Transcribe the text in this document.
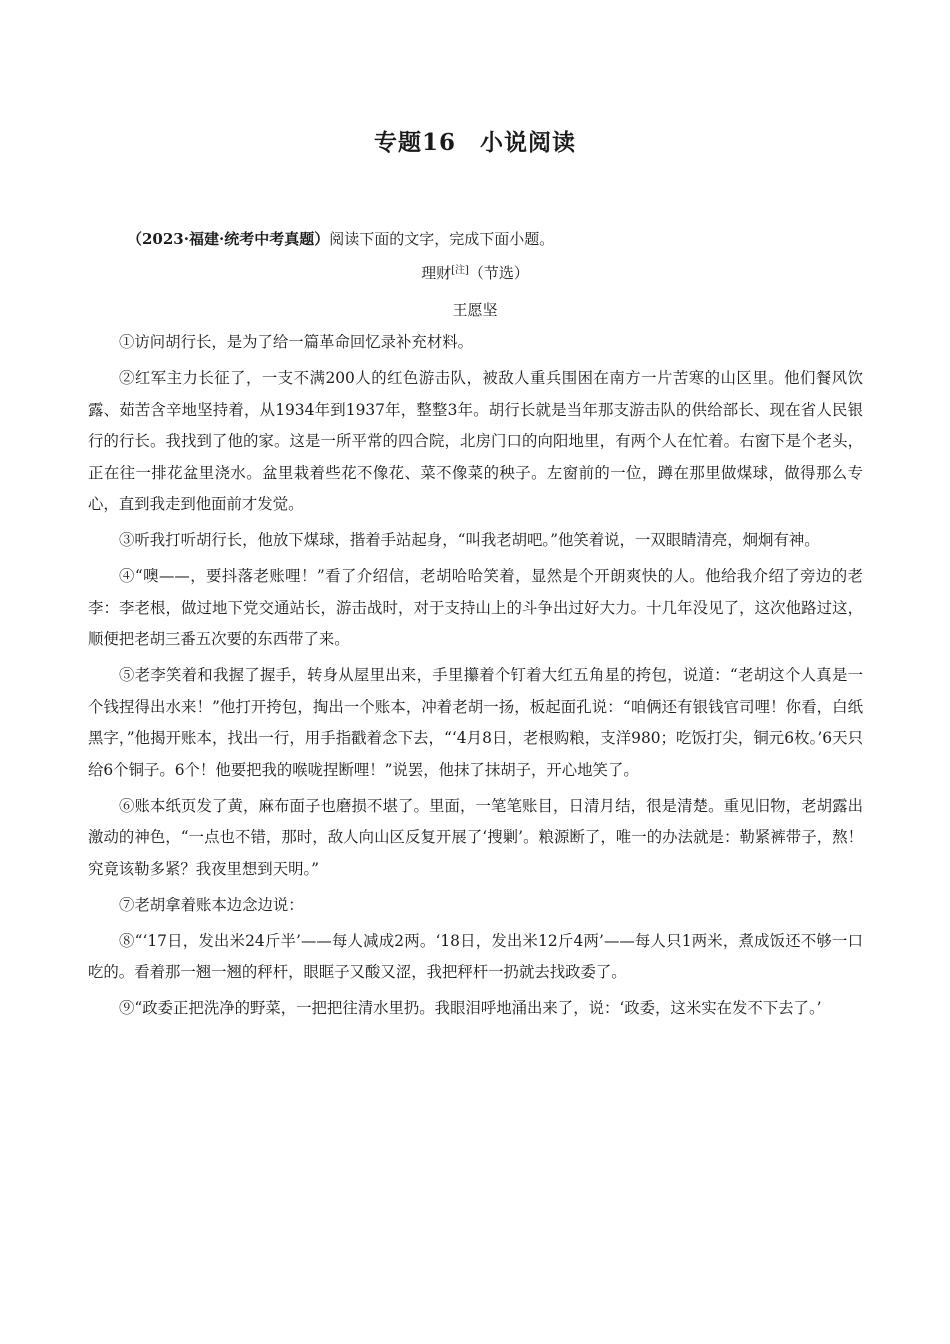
专题16　小说阅读
（2023·福建·统考中考真题）阅读下面的文字，完成下面小题。
理财[注]（节选）
王愿坚

①访问胡行长，是为了给一篇革命回忆录补充材料。

②红军主力长征了，一支不满200人的红色游击队，被敌人重兵围困在南方一片苦寒的山区里。他们餐风饮露、茹苦含辛地坚持着，从1934年到1937年，整整3年。胡行长就是当年那支游击队的供给部长、现在省人民银行的行长。我找到了他的家。这是一所平常的四合院，北房门口的向阳地里，有两个人在忙着。右窗下是个老头，正在往一排花盆里浇水。盆里栽着些花不像花、菜不像菜的秧子。左窗前的一位，蹲在那里做煤球，做得那么专心，直到我走到他面前才发觉。

③听我打听胡行长，他放下煤球，揩着手站起身，“叫我老胡吧。”他笑着说，一双眼睛清亮，炯炯有神。

④“噢——，要抖落老账哩！”看了介绍信，老胡哈哈笑着，显然是个开朗爽快的人。他给我介绍了旁边的老李：李老根，做过地下党交通站长，游击战时，对于支持山上的斗争出过好大力。十几年没见了，这次他路过这，顺便把老胡三番五次要的东西带了来。

⑤老李笑着和我握了握手，转身从屋里出来，手里攥着个钉着大红五角星的挎包，说道：“老胡这个人真是一个钱捏得出水来！”他打开挎包，掏出一个账本，冲着老胡一扬，板起面孔说：“咱俩还有银钱官司哩！你看，白纸黑字，”他揭开账本，找出一行，用手指戳着念下去，“‘4月8日，老根购粮，支洋980；吃饭打尖，铜元6枚。’6天只给6个铜子。6个！他要把我的喉咙捏断哩！”说罢，他抹了抹胡子，开心地笑了。

⑥账本纸页发了黄，麻布面子也磨损不堪了。里面，一笔笔账目，日清月结，很是清楚。重见旧物，老胡露出激动的神色，“一点也不错，那时，敌人向山区反复开展了‘搜剿’。粮源断了，唯一的办法就是：勒紧裤带子，熬！究竟该勒多紧？我夜里想到天明。”

⑦老胡拿着账本边念边说：

⑧“‘17日，发出米24斤半’——每人减成2两。‘18日，发出米12斤4两’——每人只1两米，煮成饭还不够一口吃的。看着那一翘一翘的秤杆，眼眶子又酸又涩，我把秤杆一扔就去找政委了。

⑨“政委正把洗净的野菜，一把把往清水里扔。我眼泪呼地涌出来了，说：‘政委，这米实在发不下去了。’
